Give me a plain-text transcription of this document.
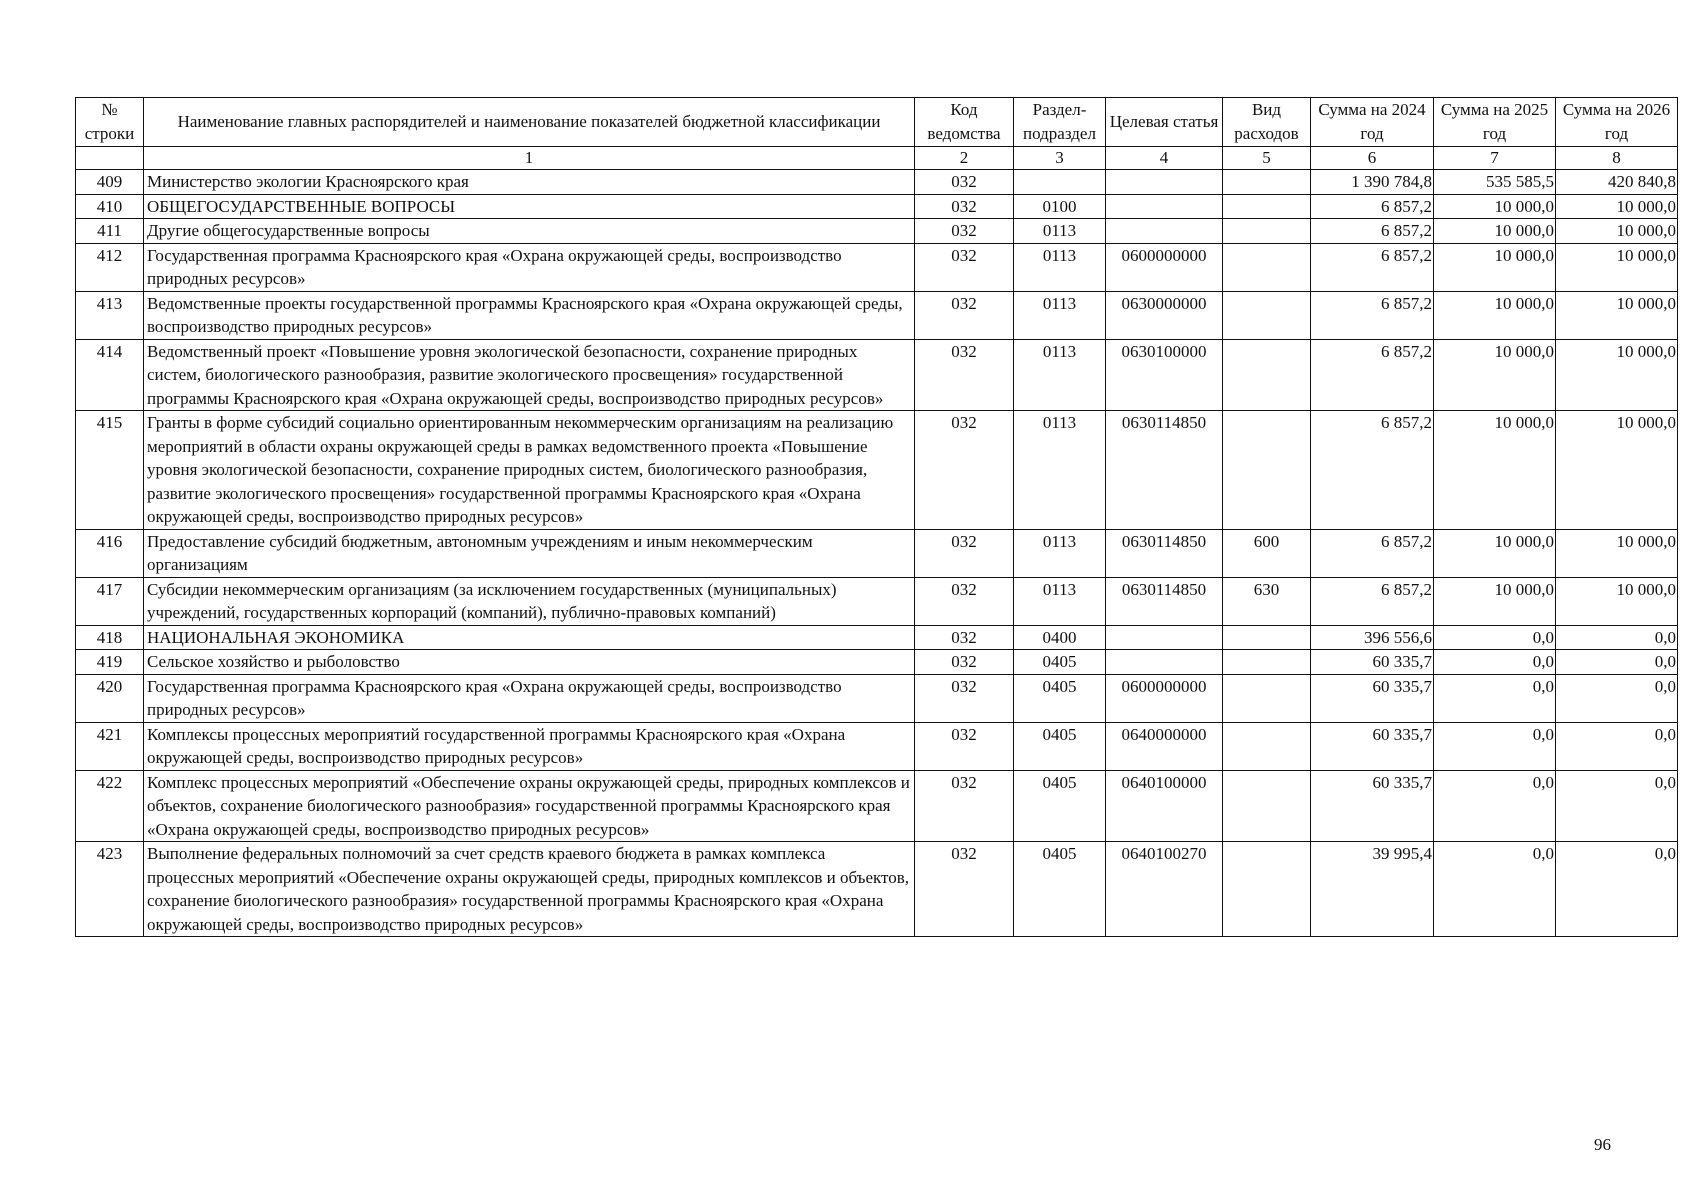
№ строки	Наименование главных распорядителей и наименование показателей бюджетной классификации	Код ведомства	Раздел-подраздел	Целевая статья	Вид расходов	Сумма на 2024 год	Сумма на 2025 год	Сумма на 2026 год
	1	2	3	4	5	6	7	8
409	Министерство экологии Красноярского края	032				1 390 784,8	535 585,5	420 840,8
410	ОБЩЕГОСУДАРСТВЕННЫЕ ВОПРОСЫ	032	0100			6 857,2	10 000,0	10 000,0
411	Другие общегосударственные вопросы	032	0113			6 857,2	10 000,0	10 000,0
412	Государственная программа Красноярского края «Охрана окружающей среды, воспроизводство природных ресурсов»	032	0113	0600000000		6 857,2	10 000,0	10 000,0
413	Ведомственные проекты государственной программы Красноярского края «Охрана окружающей среды, воспроизводство природных ресурсов»	032	0113	0630000000		6 857,2	10 000,0	10 000,0
414	Ведомственный проект «Повышение уровня экологической безопасности, сохранение природных систем, биологического разнообразия, развитие экологического просвещения» государственной программы Красноярского края «Охрана окружающей среды, воспроизводство природных ресурсов»	032	0113	0630100000		6 857,2	10 000,0	10 000,0
415	Гранты в форме субсидий социально ориентированным некоммерческим организациям на реализацию мероприятий в области охраны окружающей среды в рамках ведомственного проекта «Повышение уровня экологической безопасности, сохранение природных систем, биологического разнообразия, развитие экологического просвещения» государственной программы Красноярского края «Охрана окружающей среды, воспроизводство природных ресурсов»	032	0113	0630114850		6 857,2	10 000,0	10 000,0
416	Предоставление субсидий бюджетным, автономным учреждениям и иным некоммерческим организациям	032	0113	0630114850	600	6 857,2	10 000,0	10 000,0
417	Субсидии некоммерческим организациям (за исключением государственных (муниципальных) учреждений, государственных корпораций (компаний), публично-правовых компаний)	032	0113	0630114850	630	6 857,2	10 000,0	10 000,0
418	НАЦИОНАЛЬНАЯ ЭКОНОМИКА	032	0400			396 556,6	0,0	0,0
419	Сельское хозяйство и рыболовство	032	0405			60 335,7	0,0	0,0
420	Государственная программа Красноярского края «Охрана окружающей среды, воспроизводство природных ресурсов»	032	0405	0600000000		60 335,7	0,0	0,0
421	Комплексы процессных мероприятий государственной программы Красноярского края «Охрана окружающей среды, воспроизводство природных ресурсов»	032	0405	0640000000		60 335,7	0,0	0,0
422	Комплекс процессных мероприятий «Обеспечение охраны окружающей среды, природных комплексов и объектов, сохранение биологического разнообразия» государственной программы Красноярского края «Охрана окружающей среды, воспроизводство природных ресурсов»	032	0405	0640100000		60 335,7	0,0	0,0
423	Выполнение федеральных полномочий за счет средств краевого бюджета в рамках комплекса процессных мероприятий «Обеспечение охраны окружающей среды, природных комплексов и объектов, сохранение биологического разнообразия» государственной программы Красноярского края «Охрана окружающей среды, воспроизводство природных ресурсов»	032	0405	0640100270		39 995,4	0,0	0,0
96
